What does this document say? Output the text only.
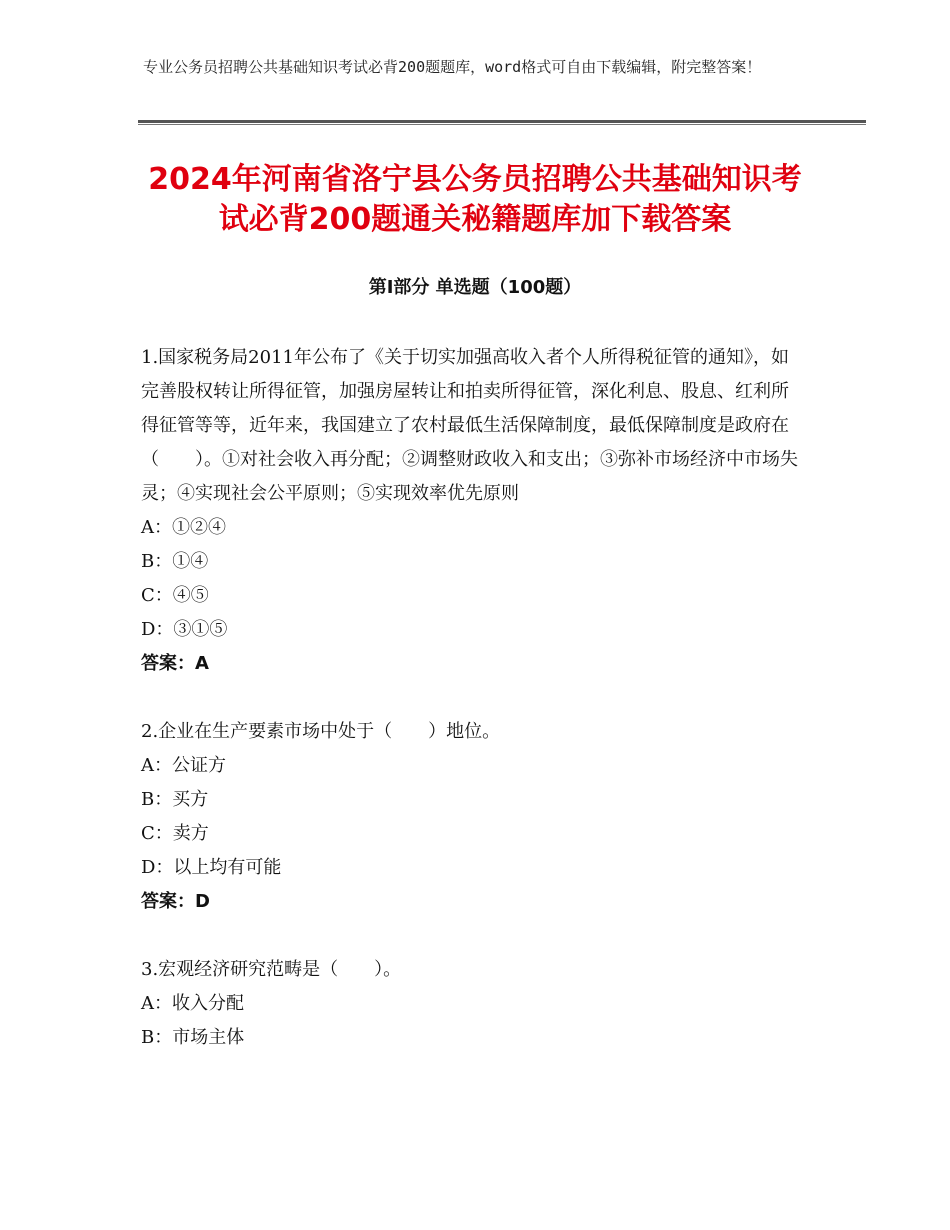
专业公务员招聘公共基础知识考试必背200题题库，word格式可自由下载编辑，附完整答案！
2024年河南省洛宁县公务员招聘公共基础知识考试必背200题通关秘籍题库加下载答案
第Ⅰ部分 单选题（100题）

1.国家税务局2011年公布了《关于切实加强高收入者个人所得税征管的通知》，如完善股权转让所得征管，加强房屋转让和拍卖所得征管，深化利息、股息、红利所得征管等等，近年来，我国建立了农村最低生活保障制度，最低保障制度是政府在（　　）。①对社会收入再分配；②调整财政收入和支出；③弥补市场经济中市场失灵；④实现社会公平原则；⑤实现效率优先原则

A：①②④

B：①④

C：④⑤

D：③①⑤

答案：A

2.企业在生产要素市场中处于（　　）地位。

A：公证方

B：买方

C：卖方

D：以上均有可能

答案：D

3.宏观经济研究范畴是（　　）。

A：收入分配

B：市场主体
